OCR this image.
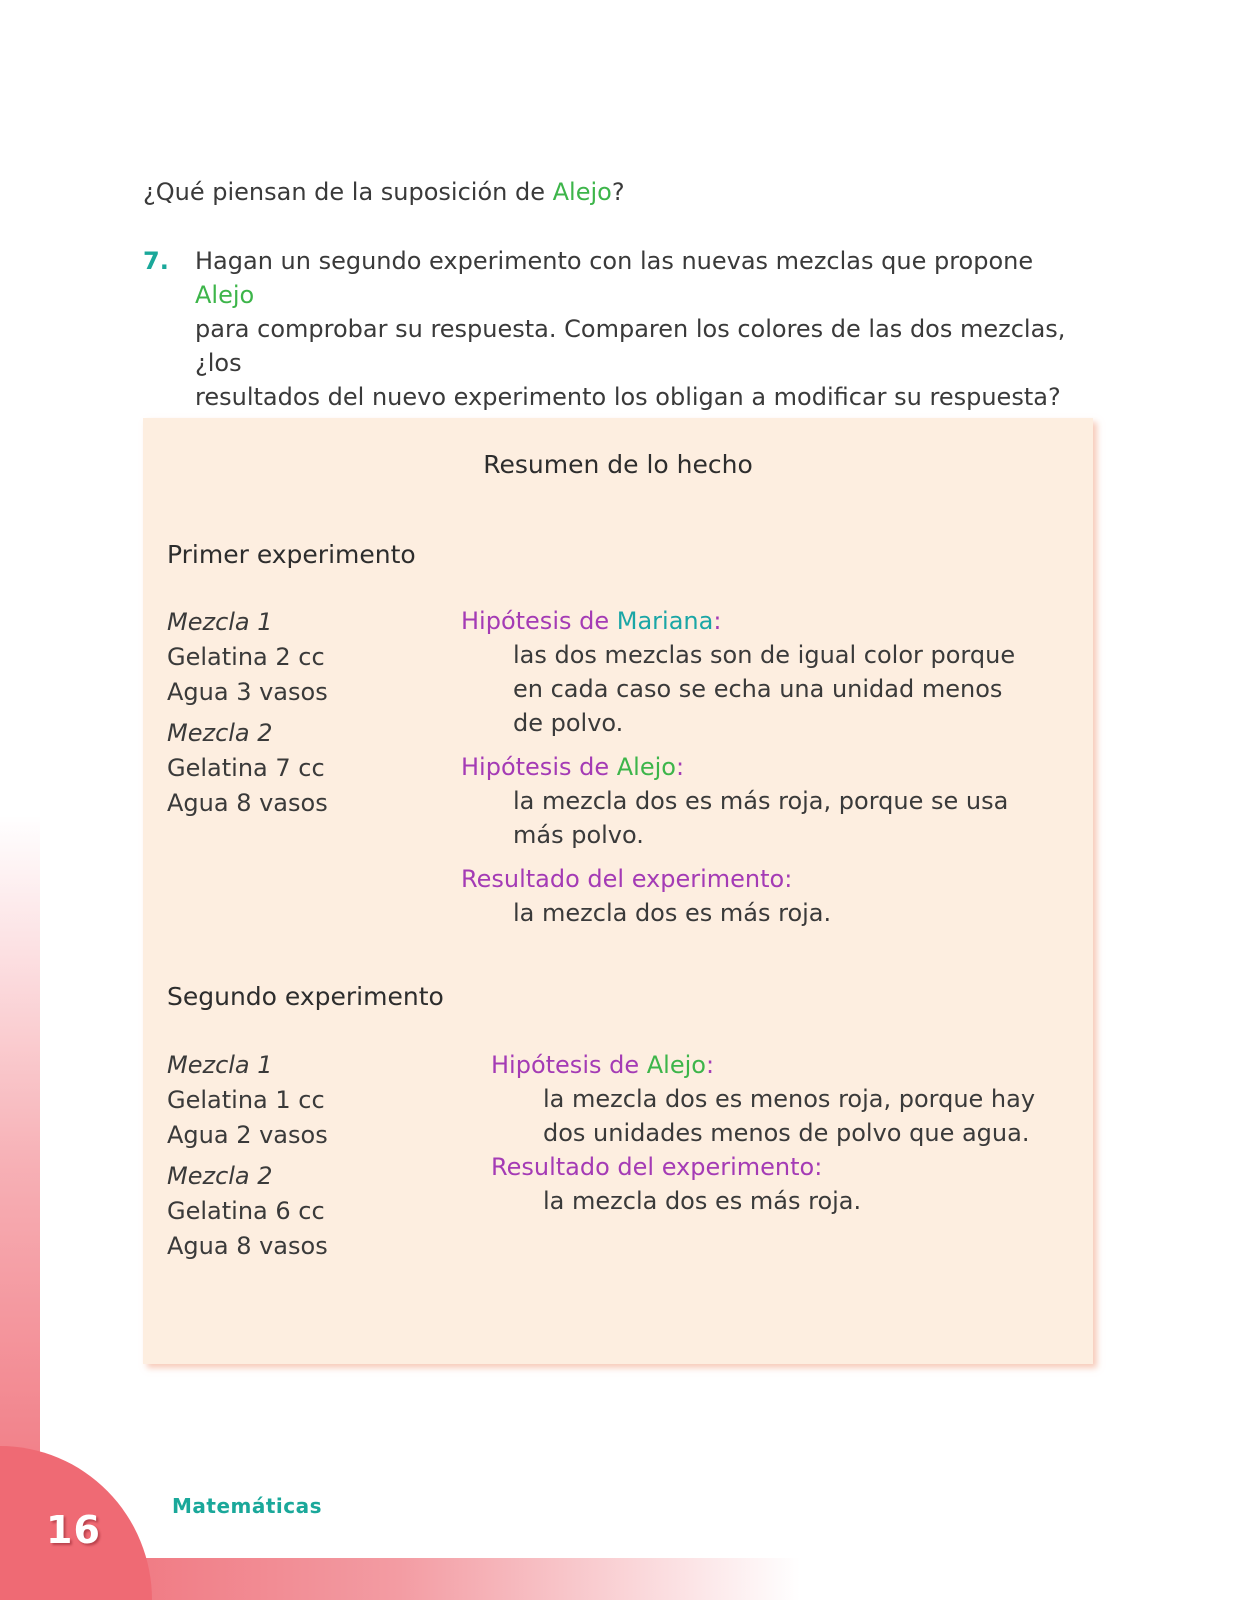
¿Qué piensan de la suposición de Alejo?
7. Hagan un segundo experimento con las nuevas mezclas que propone Alejo
para comprobar su respuesta. Comparen los colores de las dos mezclas, ¿los
resultados del nuevo experimento los obligan a modificar su respuesta?
Resumen de lo hecho
Primer experimento
Mezcla 1
Gelatina 2 cc
Agua 3 vasos
Mezcla 2
Gelatina 7 cc
Agua 8 vasos
Hipótesis de Mariana:
las dos mezclas son de igual color porque
en cada caso se echa una unidad menos
de polvo.
Hipótesis de Alejo:
la mezcla dos es más roja, porque se usa
más polvo.
Resultado del experimento:
la mezcla dos es más roja.
Segundo experimento
Mezcla 1
Gelatina 1 cc
Agua 2 vasos
Mezcla 2
Gelatina 6 cc
Agua 8 vasos
Hipótesis de Alejo:
la mezcla dos es menos roja, porque hay
dos unidades menos de polvo que agua.
Resultado del experimento:
la mezcla dos es más roja.
Matemáticas
16
